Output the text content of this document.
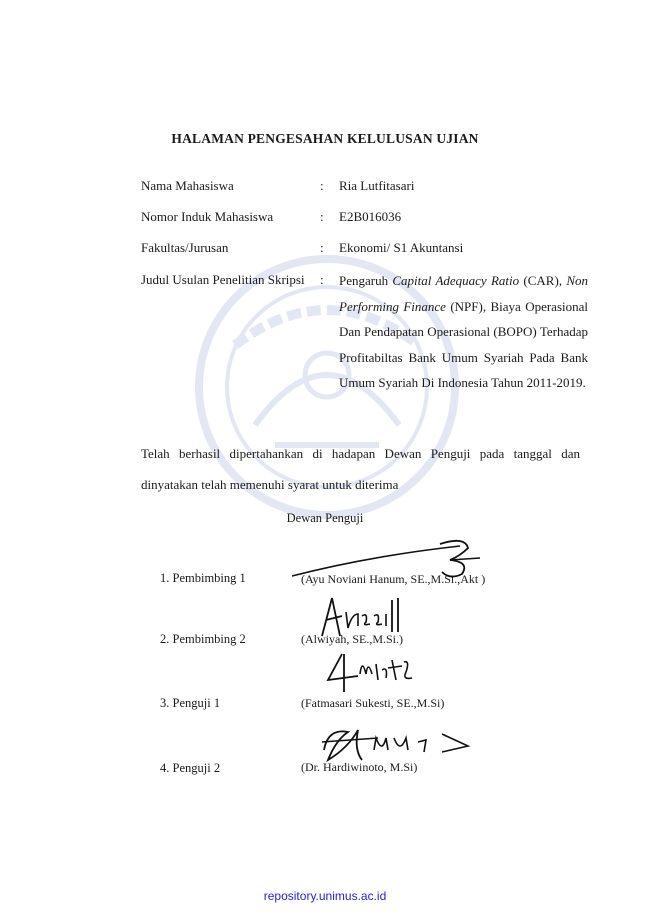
HALAMAN PENGESAHAN KELULUSAN UJIAN
Nama Mahasiswa	: Ria Lutfitasari
Nomor Induk Mahasiswa	: E2B016036
Fakultas/Jurusan	: Ekonomi/ S1 Akuntansi
Judul Usulan Penelitian Skripsi : Pengaruh Capital Adequacy Ratio (CAR), Non Performing Finance (NPF), Biaya Operasional Dan Pendapatan Operasional (BOPO) Terhadap Profitabiltas Bank Umum Syariah Pada Bank Umum Syariah Di Indonesia Tahun 2011-2019.
Telah berhasil dipertahankan di hadapan Dewan Penguji pada tanggal dan
dinyatakan telah memenuhi syarat untuk diterima
Dewan Penguji
1. Pembimbing 1	(Ayu Noviani Hanum, SE.,M.Si.,Akt )
2. Pembimbing 2	(Alwiyah, SE.,M.Si.)
3. Penguji 1	(Fatmasari Sukesti, SE.,M.Si)
4. Penguji 2	(Dr. Hardiwinoto, M.Si)
repository.unimus.ac.id
